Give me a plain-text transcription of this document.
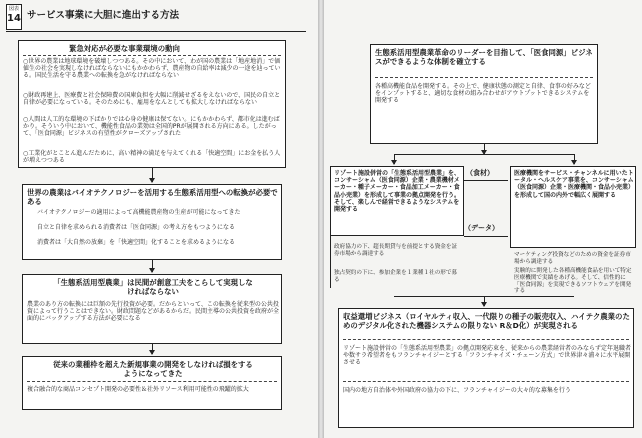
図表
14 サービス事業に大胆に進出する方法
緊急対応が必要な事業環境の動向
○世界の農業は地球環境を破壊しつつある。その中において、わが国の農業は「地産地消」で価値生の社会を実現しなければならないにもかかわらず、農産物の自給率は減少の一途を辿っている。国民生活を守る農業への転換を急がなければならない
○財政再建上、医療費と社会保障費の国庫負担を大幅に削減せざるをえないので、国民の自立と自律が必要になっている。そのためにも、雇用をなんとしても拡大しなければならない
○人間は人工的な環境の下ばかりでは心身の健康は保てない。にもかかわらず、都市化は進むばかり。そういう中において、機能性食品の業効は全国的PRが展開される方向にある。したがって、「医食同源」ビジネスの有望性がクローズアップされた
○工業化がとことん進んだために、高い精神の満足を与えてくれる「快適空間」にお金を払う人が増えつつある
世界の農業はバイオテクノロジーを活用する生態系活用型への転換が必要である
バイオテクノロジーの適用によって高機能農産物の生産が可能になってきた
自立と自律を求められる消費者は「医食同源」の考え方をもつようになる
消費者は「大自然の放棄」を「快適空間」化することを求めるようになる
「生態系活用型農業」は民間が創意工夫をこらして実現しなければならない
農業のあり方の転換には巨額の先行投資が必要。だからといって、この転換を従来型の公共投資によって行うことはできない。財政問題などがあるからだ。民間主導の公共投資を政府が全面的にバックアップする方法が必要になる
従来の業種枠を超えた新規事業の開発をしなければ損をするようになってきた
複合融合的な商品コンセプト開発の必要性＆社外リソース利用可能性の飛躍的拡大
生態系活用型農業革命のリーダーを目指して、「医食同源」ビジネスができるような体制を確立する
各種高機能食品を開発する。その上で、健康状態の測定と自律、食事の好みなどをインプットすると、適切な食材の組み合わせがアウトプットできるシステムを開発する
リゾート施設併営の「生態系活用型農業」を、コンサーシャム（医食同源）企業・農業機材メーカー・種子メーカー・食品加工メーカー・食品小売業）を形成して事業の拠点開発を行う。そして、楽しんで経営できるようなシステムを開発する
政府協力の下、超長期貸与を前提とする資金を証券市場から調達する
独占契約の下に、参加企業を１業種１社の形で募る
（食材）
（データ）
医療機関をサービス・チャンネルに用いたトータル・ヘルスケア事業を、コンサーシャム（医食同源）企業・医療機関・食品小売業）を形成して国の内外で幅広く展開する
マーケティング投資などのための資金を証券市場から調達する
実験的に開発した各種高機能食品を用いて特定医療機関で実績をあげる。そして、信性的に「医食同源」を実現できるソフトウェアを開発する
収益還増ビジネス（ロイヤルティ収入、一代限りの種子の販売収入、ハイテク農業のためのデジタル化された機器システムの限りない R＆D化）が実現される
リゾート施設併営の「生態系活用型農業」の拠点開発応束を、従来からの農業経営者のみならず定年退職者や数サラ希望者をもフランチャイジーとする「フランチャイズ・チェーン方式」で世界津々浦々に水平展開させる
国内の地方自治体や外国政府の協力の下に、フランチャイジーの大々的な募集を行う
